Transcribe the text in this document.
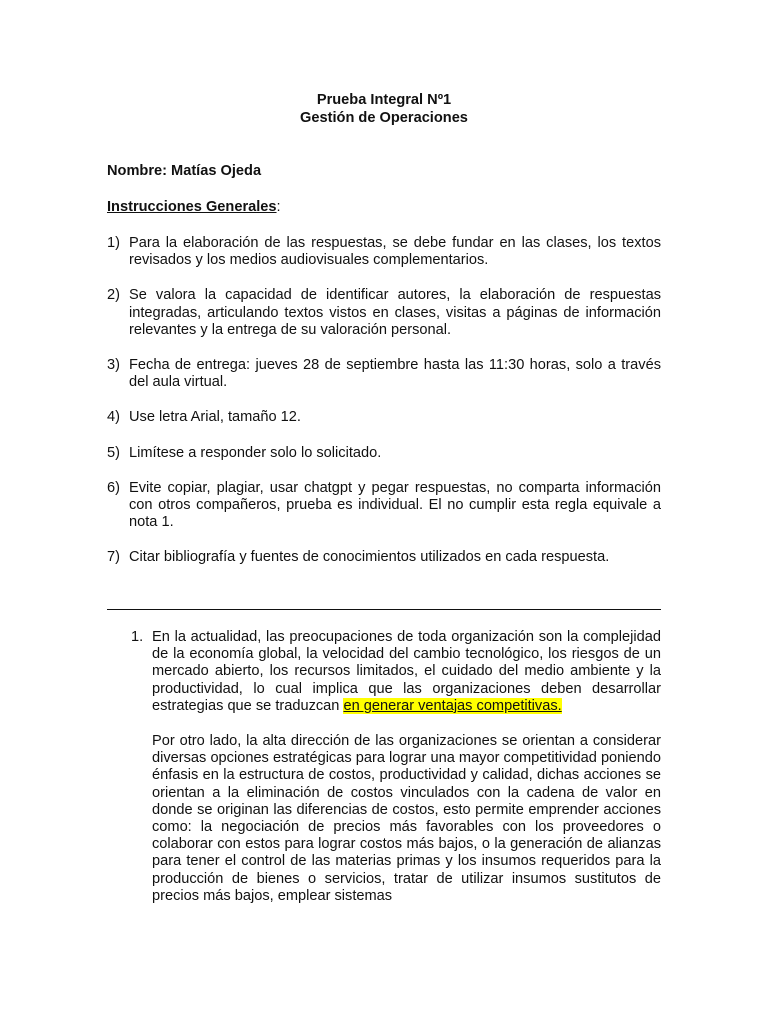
Prueba Integral Nº1
Gestión de Operaciones
Nombre: Matías Ojeda
Instrucciones Generales:
1) Para la elaboración de las respuestas, se debe fundar en las clases, los textos revisados y los medios audiovisuales complementarios.
2) Se valora la capacidad de identificar autores, la elaboración de respuestas integradas, articulando textos vistos en clases, visitas a páginas de información relevantes y la entrega de su valoración personal.
3) Fecha de entrega: jueves 28 de septiembre hasta las 11:30 horas, solo a través del aula virtual.
4) Use letra Arial, tamaño 12.
5) Limítese a responder solo lo solicitado.
6) Evite copiar, plagiar, usar chatgpt y pegar respuestas, no comparta información con otros compañeros, prueba es individual. El no cumplir esta regla equivale a nota 1.
7) Citar bibliografía y fuentes de conocimientos utilizados en cada respuesta.
1. En la actualidad, las preocupaciones de toda organización son la complejidad de la economía global, la velocidad del cambio tecnológico, los riesgos de un mercado abierto, los recursos limitados, el cuidado del medio ambiente y la productividad, lo cual implica que las organizaciones deben desarrollar estrategias que se traduzcan en generar ventajas competitivas.
Por otro lado, la alta dirección de las organizaciones se orientan a considerar diversas opciones estratégicas para lograr una mayor competitividad poniendo énfasis en la estructura de costos, productividad y calidad, dichas acciones se orientan a la eliminación de costos vinculados con la cadena de valor en donde se originan las diferencias de costos, esto permite emprender acciones como: la negociación de precios más favorables con los proveedores o colaborar con estos para lograr costos más bajos, o la generación de alianzas para tener el control de las materias primas y los insumos requeridos para la producción de bienes o servicios, tratar de utilizar insumos sustitutos de precios más bajos, emplear sistemas
